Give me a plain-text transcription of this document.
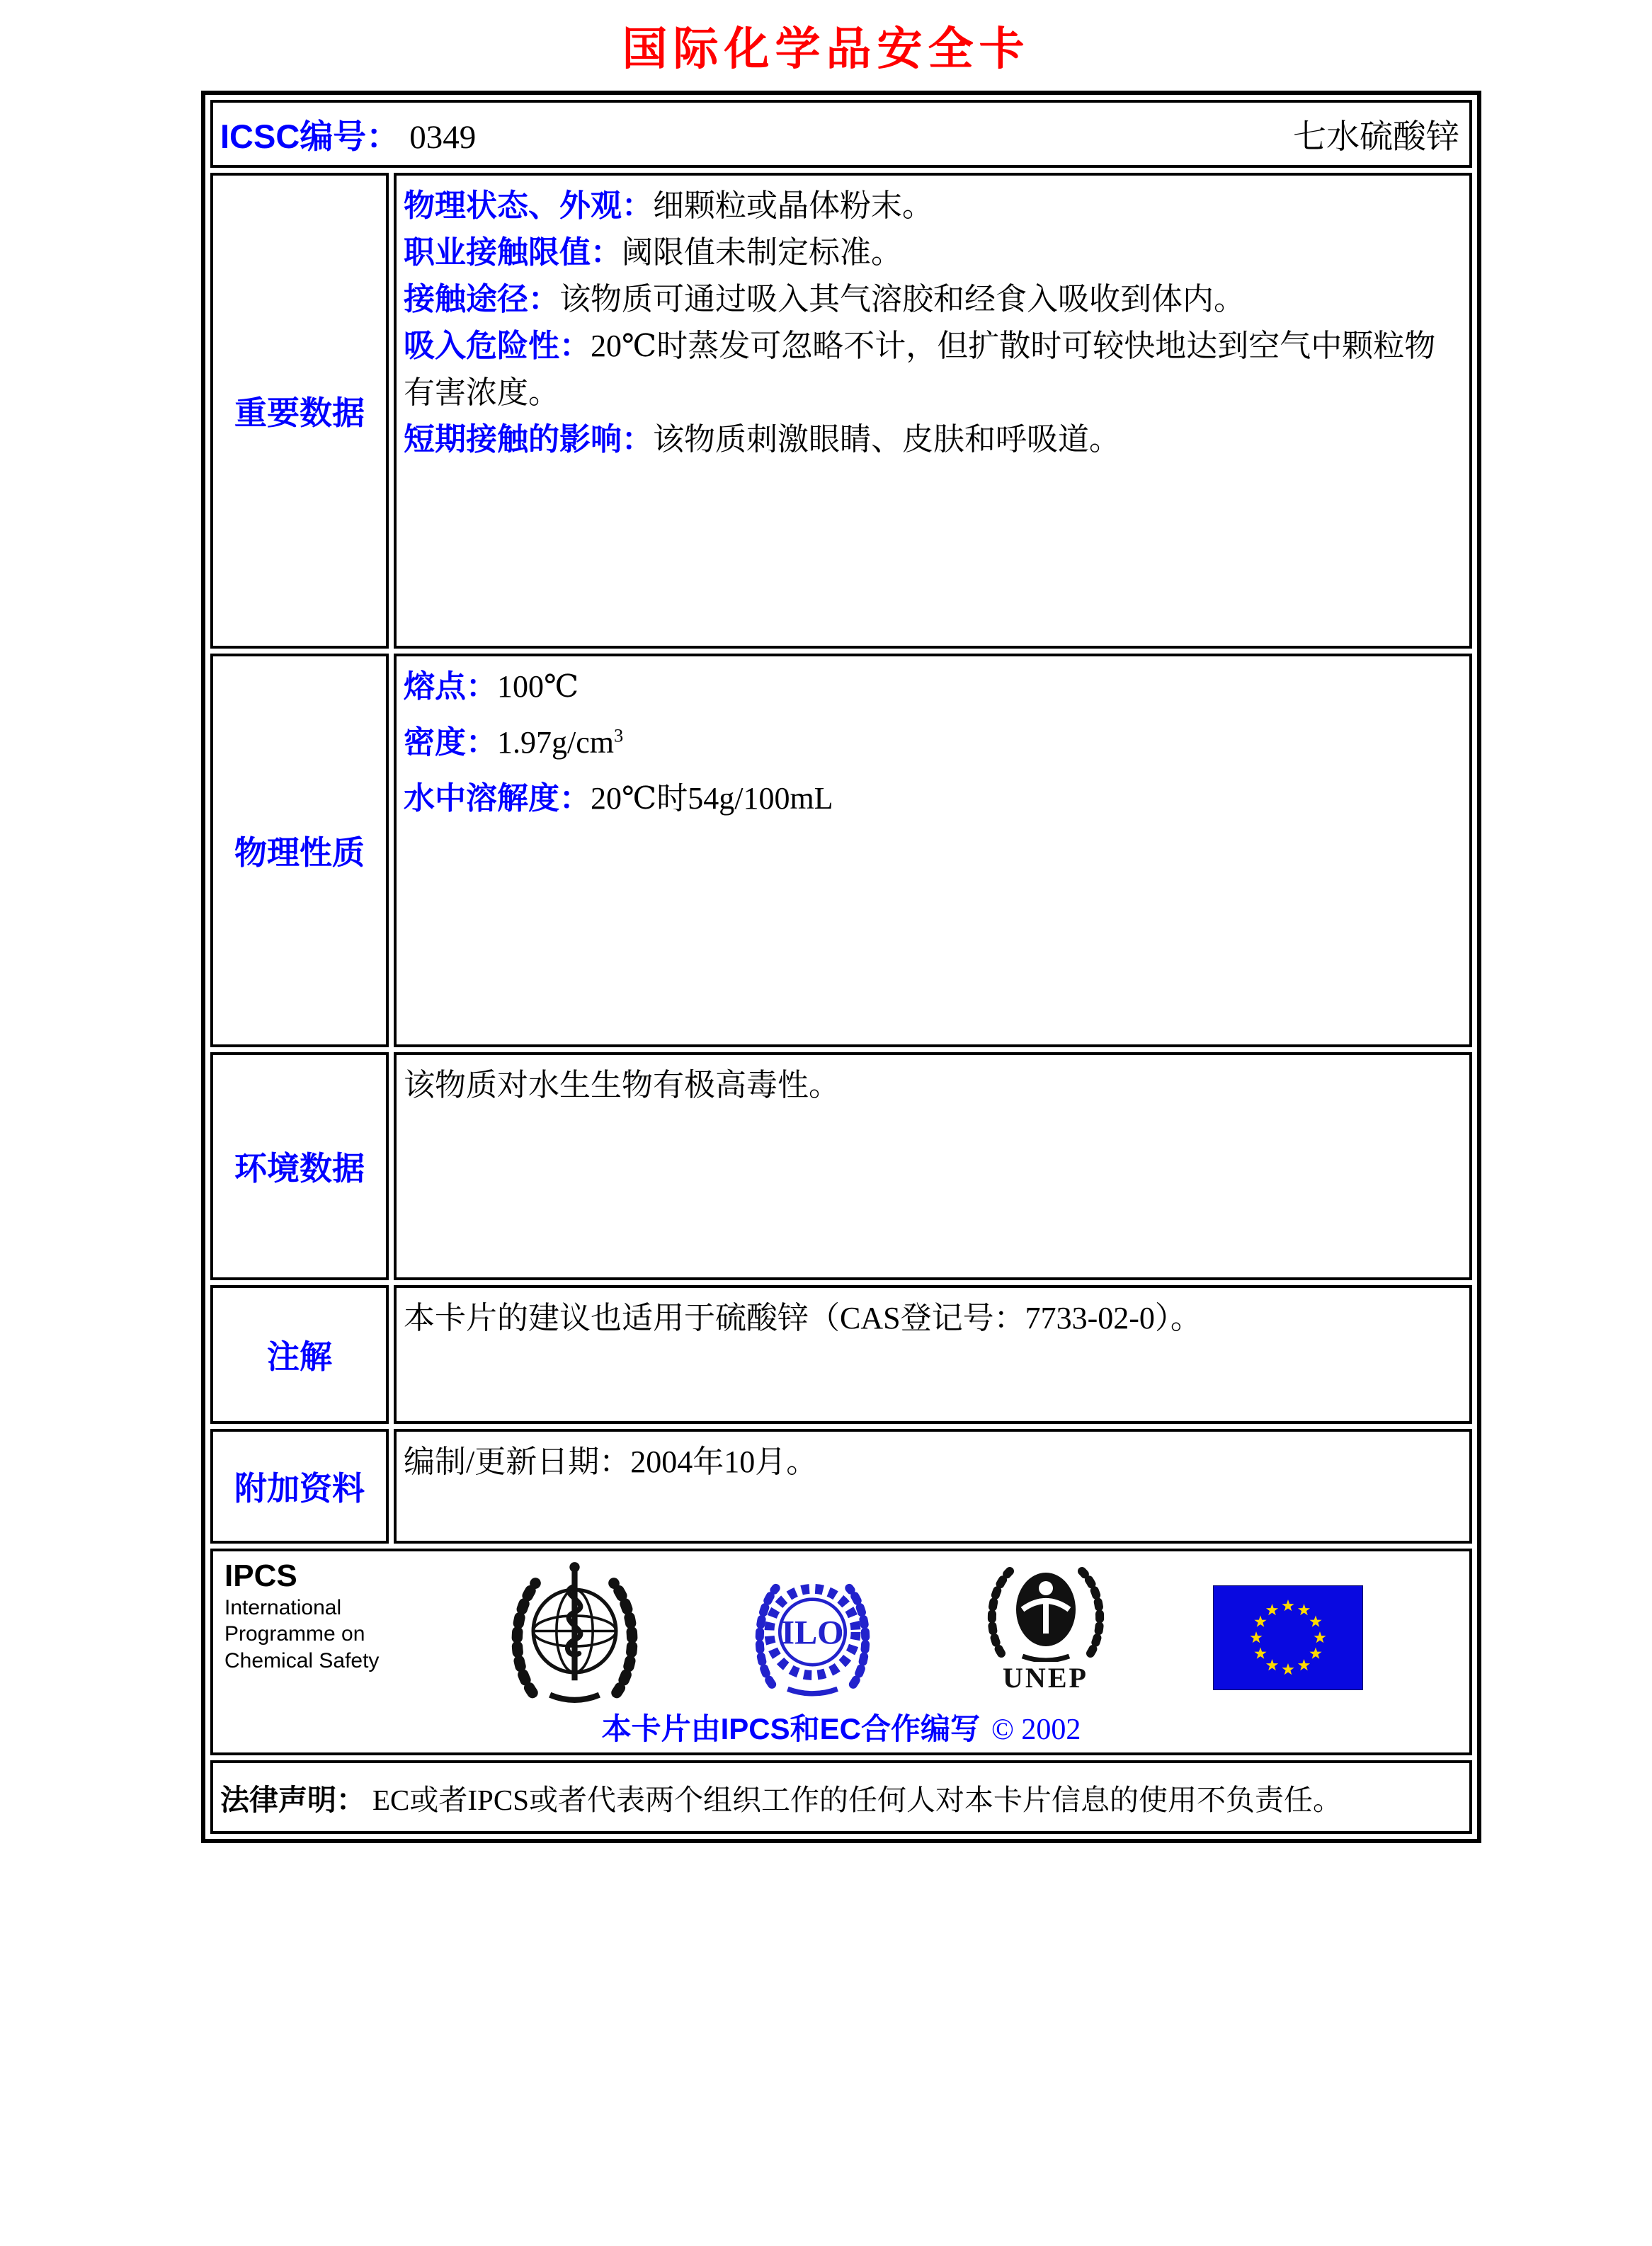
国际化学品安全卡
ICSC编号： 0349 七水硫酸锌	

重要数据	物理状态、外观：细颗粒或晶体粉末。
职业接触限值：阈限值未制定标准。
接触途径：该物质可通过吸入其气溶胶和经食入吸收到体内。
吸入危险性：20℃时蒸发可忽略不计，但扩散时可较快地达到空气中颗粒物有害浓度。
短期接触的影响：该物质刺激眼睛、皮肤和呼吸道。

物理性质	熔点：100℃
密度：$1.97g/cm^3$
水中溶解度：20℃时54g/100mL

环境数据	该物质对水生生物有极高毒性。

注解	本卡片的建议也适用于硫酸锌（CAS登记号：7733-02-0）。

附加资料	编制/更新日期：2004年10月。

IPCS
International
Programme on
Chemical Safety
ILO
UNEP
本卡片由IPCS和EC合作编写 © 2002

法律声明： EC或者IPCS或者代表两个组织工作的任何人对本卡片信息的使用不负责任。	
